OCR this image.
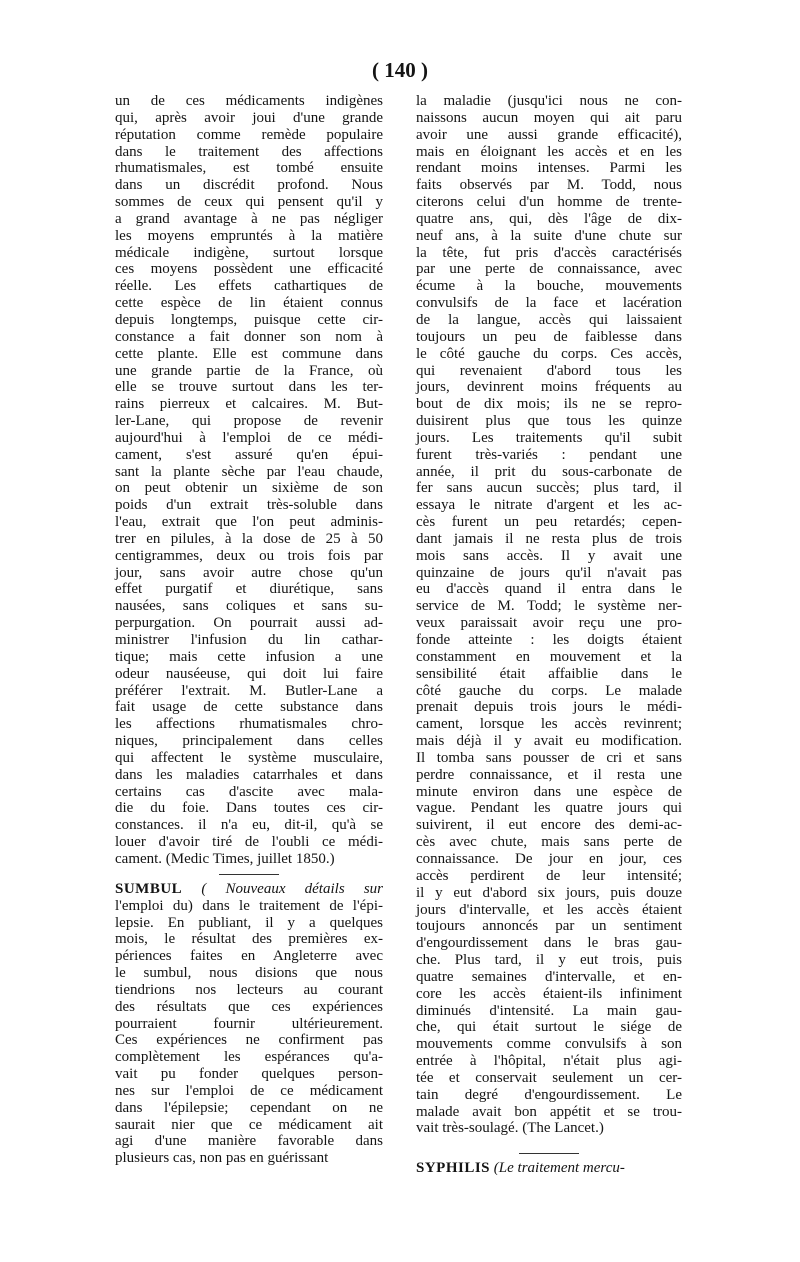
( 140 )
un de ces médicaments indigènes
qui, après avoir joui d'une grande
réputation comme remède populaire
dans le traitement des affections
rhumatismales, est tombé ensuite
dans un discrédit profond. Nous
sommes de ceux qui pensent qu'il y
a grand avantage à ne pas négliger
les moyens empruntés à la matière
médicale indigène, surtout lorsque
ces moyens possèdent une efficacité
réelle. Les effets cathartiques de
cette espèce de lin étaient connus
depuis longtemps, puisque cette cir-
constance a fait donner son nom à
cette plante. Elle est commune dans
une grande partie de la France, où
elle se trouve surtout dans les ter-
rains pierreux et calcaires. M. But-
ler-Lane, qui propose de revenir
aujourd'hui à l'emploi de ce médi-
cament, s'est assuré qu'en épui-
sant la plante sèche par l'eau chaude,
on peut obtenir un sixième de son
poids d'un extrait très-soluble dans
l'eau, extrait que l'on peut adminis-
trer en pilules, à la dose de 25 à 50
centigrammes, deux ou trois fois par
jour, sans avoir autre chose qu'un
effet purgatif et diurétique, sans
nausées, sans coliques et sans su-
perpurgation. On pourrait aussi ad-
ministrer l'infusion du lin cathar-
tique; mais cette infusion a une
odeur nauséeuse, qui doit lui faire
préférer l'extrait. M. Butler-Lane a
fait usage de cette substance dans
les affections rhumatismales chro-
niques, principalement dans celles
qui affectent le système musculaire,
dans les maladies catarrhales et dans
certains cas d'ascite avec mala-
die du foie. Dans toutes ces cir-
constances. il n'a eu, dit-il, qu'à se
louer d'avoir tiré de l'oubli ce médi-
cament. (Medic Times, juillet 1850.)
SUMBUL ( Nouveaux détails sur
l'emploi du) dans le traitement de l'épi-
lepsie. En publiant, il y a quelques
mois, le résultat des premières ex-
périences faites en Angleterre avec
le sumbul, nous disions que nous
tiendrions nos lecteurs au courant
des résultats que ces expériences
pourraient fournir ultérieurement.
Ces expériences ne confirment pas
complètement les espérances qu'a-
vait pu fonder quelques person-
nes sur l'emploi de ce médicament
dans l'épilepsie; cependant on ne
saurait nier que ce médicament ait
agi d'une manière favorable dans
plusieurs cas, non pas en guérissant
la maladie (jusqu'ici nous ne con-
naissons aucun moyen qui ait paru
avoir une aussi grande efficacité),
mais en éloignant les accès et en les
rendant moins intenses. Parmi les
faits observés par M. Todd, nous
citerons celui d'un homme de trente-
quatre ans, qui, dès l'âge de dix-
neuf ans, à la suite d'une chute sur
la tête, fut pris d'accès caractérisés
par une perte de connaissance, avec
écume à la bouche, mouvements
convulsifs de la face et lacération
de la langue, accès qui laissaient
toujours un peu de faiblesse dans
le côté gauche du corps. Ces accès,
qui revenaient d'abord tous les
jours, devinrent moins fréquents au
bout de dix mois; ils ne se repro-
duisirent plus que tous les quinze
jours. Les traitements qu'il subit
furent très-variés : pendant une
année, il prit du sous-carbonate de
fer sans aucun succès; plus tard, il
essaya le nitrate d'argent et les ac-
cès furent un peu retardés; cepen-
dant jamais il ne resta plus de trois
mois sans accès. Il y avait une
quinzaine de jours qu'il n'avait pas
eu d'accès quand il entra dans le
service de M. Todd; le système ner-
veux paraissait avoir reçu une pro-
fonde atteinte : les doigts étaient
constamment en mouvement et la
sensibilité était affaiblie dans le
côté gauche du corps. Le malade
prenait depuis trois jours le médi-
cament, lorsque les accès revinrent;
mais déjà il y avait eu modification.
Il tomba sans pousser de cri et sans
perdre connaissance, et il resta une
minute environ dans une espèce de
vague. Pendant les quatre jours qui
suivirent, il eut encore des demi-ac-
cès avec chute, mais sans perte de
connaissance. De jour en jour, ces
accès perdirent de leur intensité;
il y eut d'abord six jours, puis douze
jours d'intervalle, et les accès étaient
toujours annoncés par un sentiment
d'engourdissement dans le bras gau-
che. Plus tard, il y eut trois, puis
quatre semaines d'intervalle, et en-
core les accès étaient-ils infiniment
diminués d'intensité. La main gau-
che, qui était surtout le siége de
mouvements comme convulsifs à son
entrée à l'hôpital, n'était plus agi-
tée et conservait seulement un cer-
tain degré d'engourdissement. Le
malade avait bon appétit et se trou-
vait très-soulagé. (The Lancet.)
SYPHILIS (Le traitement mercu-
